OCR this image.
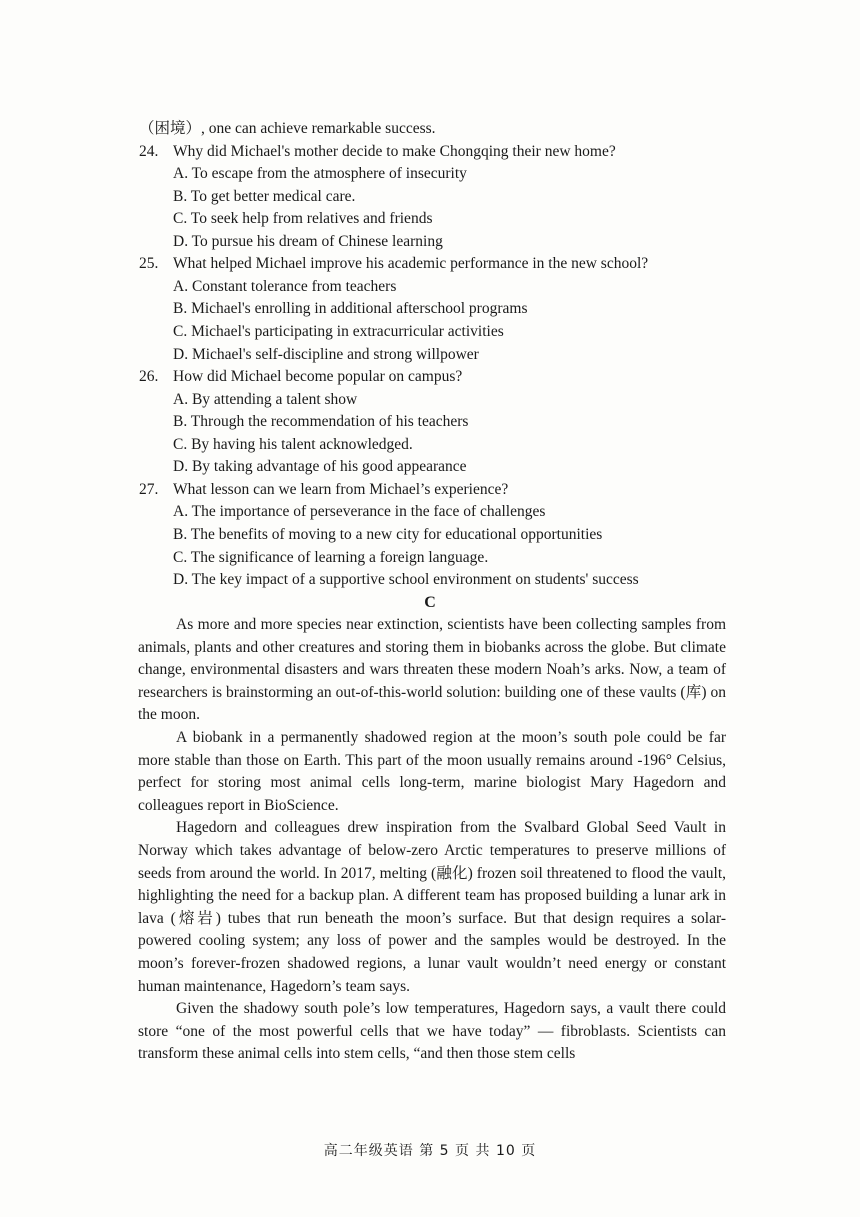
（困境）, one can achieve remarkable success.
24. Why did Michael's mother decide to make Chongqing their new home?
A. To escape from the atmosphere of insecurity
B. To get better medical care.
C. To seek help from relatives and friends
D. To pursue his dream of Chinese learning
25. What helped Michael improve his academic performance in the new school?
A. Constant tolerance from teachers
B. Michael's enrolling in additional afterschool programs
C. Michael's participating in extracurricular activities
D. Michael's self-discipline and strong willpower
26. How did Michael become popular on campus?
A. By attending a talent show
B. Through the recommendation of his teachers
C. By having his talent acknowledged.
D. By taking advantage of his good appearance
27. What lesson can we learn from Michael’s experience?
A. The importance of perseverance in the face of challenges
B. The benefits of moving to a new city for educational opportunities
C. The significance of learning a foreign language.
D. The key impact of a supportive school environment on students' success
C

As more and more species near extinction, scientists have been collecting samples from animals, plants and other creatures and storing them in biobanks across the globe. But climate change, environmental disasters and wars threaten these modern Noah’s arks. Now, a team of researchers is brainstorming an out-of-this-world solution: building one of these vaults (库) on the moon.

A biobank in a permanently shadowed region at the moon’s south pole could be far more stable than those on Earth. This part of the moon usually remains around -196° Celsius, perfect for storing most animal cells long-term, marine biologist Mary Hagedorn and colleagues report in BioScience.

Hagedorn and colleagues drew inspiration from the Svalbard Global Seed Vault in Norway which takes advantage of below-zero Arctic temperatures to preserve millions of seeds from around the world. In 2017, melting (融化) frozen soil threatened to flood the vault, highlighting the need for a backup plan. A different team has proposed building a lunar ark in lava (熔岩) tubes that run beneath the moon’s surface. But that design requires a solar-powered cooling system; any loss of power and the samples would be destroyed. In the moon’s forever-frozen shadowed regions, a lunar vault wouldn’t need energy or constant human maintenance, Hagedorn’s team says.

Given the shadowy south pole’s low temperatures, Hagedorn says, a vault there could store “one of the most powerful cells that we have today” — fibroblasts. Scientists can transform these animal cells into stem cells, “and then those stem cells

高二年级英语 第 5 页 共 10 页
